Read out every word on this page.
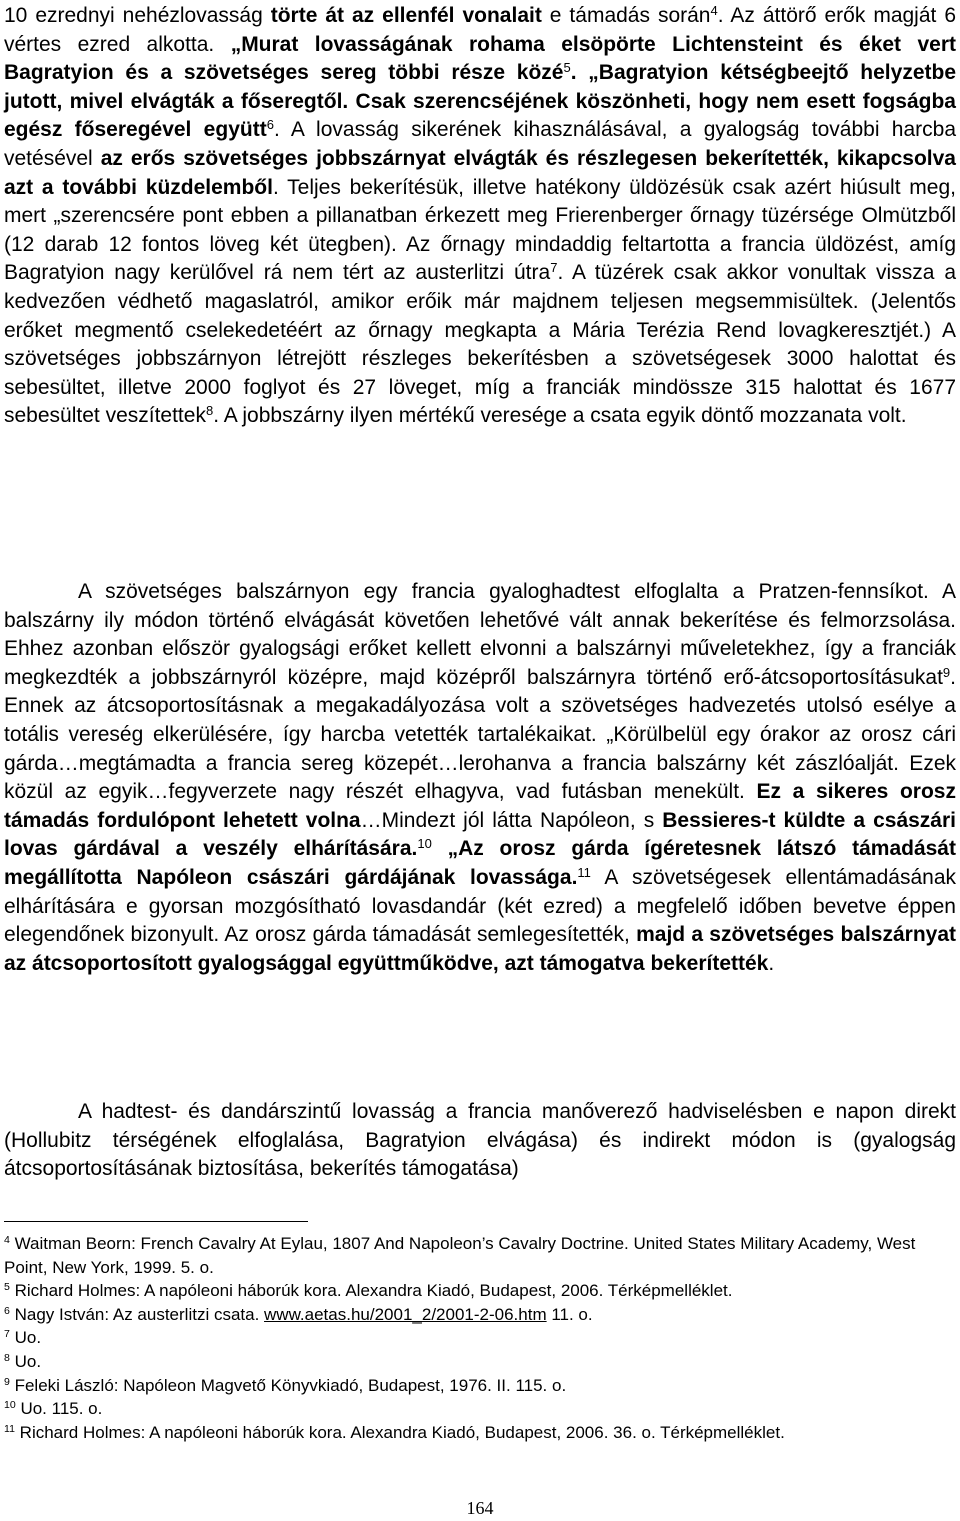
10 ezrednyi nehézlovasság törte át az ellenfél vonalait e támadás során$^4$. Az áttörő erők magját 6 vértes ezred alkotta. „Murat lovasságának rohama elsöpörte Lichtensteint és éket vert Bagratyion és a szövetséges sereg többi része közé$^5$. „Bagratyion kétségbeejtő helyzetbe jutott, mivel elvágták a főseregtől. Csak szerencséjének köszönheti, hogy nem esett fogságba egész főseregével együtt$^6$. A lovasság sikerének kihasználásával, a gyalogság további harcba vetésével az erős szövetséges jobbszárnyat elvágták és részlegesen bekerítették, kikapcsolva azt a további küzdelemből. Teljes bekerítésük, illetve hatékony üldözésük csak azért hiúsult meg, mert „szerencsére pont ebben a pillanatban érkezett meg Frierenberger őrnagy tüzérsége Olmützből (12 darab 12 fontos löveg két ütegben). Az őrnagy mindaddig feltartotta a francia üldözést, amíg Bagratyion nagy kerülővel rá nem tért az austerlitzi útra$^7$. A tüzérek csak akkor vonultak vissza a kedvezően védhető magaslatról, amikor erőik már majdnem teljesen megsemmisültek. (Jelentős erőket megmentő cselekedetéért az őrnagy megkapta a Mária Terézia Rend lovagkeresztjét.) A szövetséges jobbszárnyon létrejött részleges bekerítésben a szövetségesek 3000 halottat és sebesültet, illetve 2000 foglyot és 27 löveget, míg a franciák mindössze 315 halottat és 1677 sebesültet veszítettek$^8$. A jobbszárny ilyen mértékű veresége a csata egyik döntő mozzanata volt.

A szövetséges balszárnyon egy francia gyaloghadtest elfoglalta a Pratzen-fennsíkot. A balszárny ily módon történő elvágását követően lehetővé vált annak bekerítése és felmorzsolása. Ehhez azonban először gyalogsági erőket kellett elvonni a balszárnyi műveletekhez, így a franciák megkezdték a jobbszárnyról középre, majd középről balszárnyra történő erő-átcsoportosításukat$^9$. Ennek az átcsoportosításnak a megakadályozása volt a szövetséges hadvezetés utolsó esélye a totális vereség elkerülésére, így harcba vetették tartalékaikat. „Körülbelül egy órakor az orosz cári gárda…megtámadta a francia sereg közepét…lerohanva a francia balszárny két zászlóalját. Ezek közül az egyik…fegyverzete nagy részét elhagyva, vad futásban menekült. Ez a sikeres orosz támadás fordulópont lehetett volna…Mindezt jól látta Napóleon, s Bessieres-t küldte a császári lovas gárdával a veszély elhárítására.$^{10}$ „Az orosz gárda ígéretesnek látszó támadását megállította Napóleon császári gárdájának lovassága.$^{11}$ A szövetségesek ellentámadásának elhárítására e gyorsan mozgósítható lovasdandár (két ezred) a megfelelő időben bevetve éppen elegendőnek bizonyult. Az orosz gárda támadását semlegesítették, majd a szövetséges balszárnyat az átcsoportosított gyalogsággal együttműködve, azt támogatva bekerítették.

A hadtest- és dandárszintű lovasság a francia manőverező hadviselésben e napon direkt (Hollubitz térségének elfoglalása, Bagratyion elvágása) és indirekt módon is (gyalogság átcsoportosításának biztosítása, bekerítés támogatása)

$^4$ Waitman Beorn: French Cavalry At Eylau, 1807 And Napoleon’s Cavalry Doctrine. United States Military Academy, West Point, New York, 1999. 5. o.

$^5$ Richard Holmes: A napóleoni háborúk kora. Alexandra Kiadó, Budapest, 2006. Térképmelléklet.

$^6$ Nagy István: Az austerlitzi csata. www.aetas.hu/2001_2/2001-2-06.htm 11. o.

$^7$ Uo.

$^8$ Uo.

$^9$ Feleki László: Napóleon Magvető Könyvkiadó, Budapest, 1976. II. 115. o.

$^{10}$ Uo. 115. o.

$^{11}$ Richard Holmes: A napóleoni háborúk kora. Alexandra Kiadó, Budapest, 2006. 36. o. Térképmelléklet.

164
